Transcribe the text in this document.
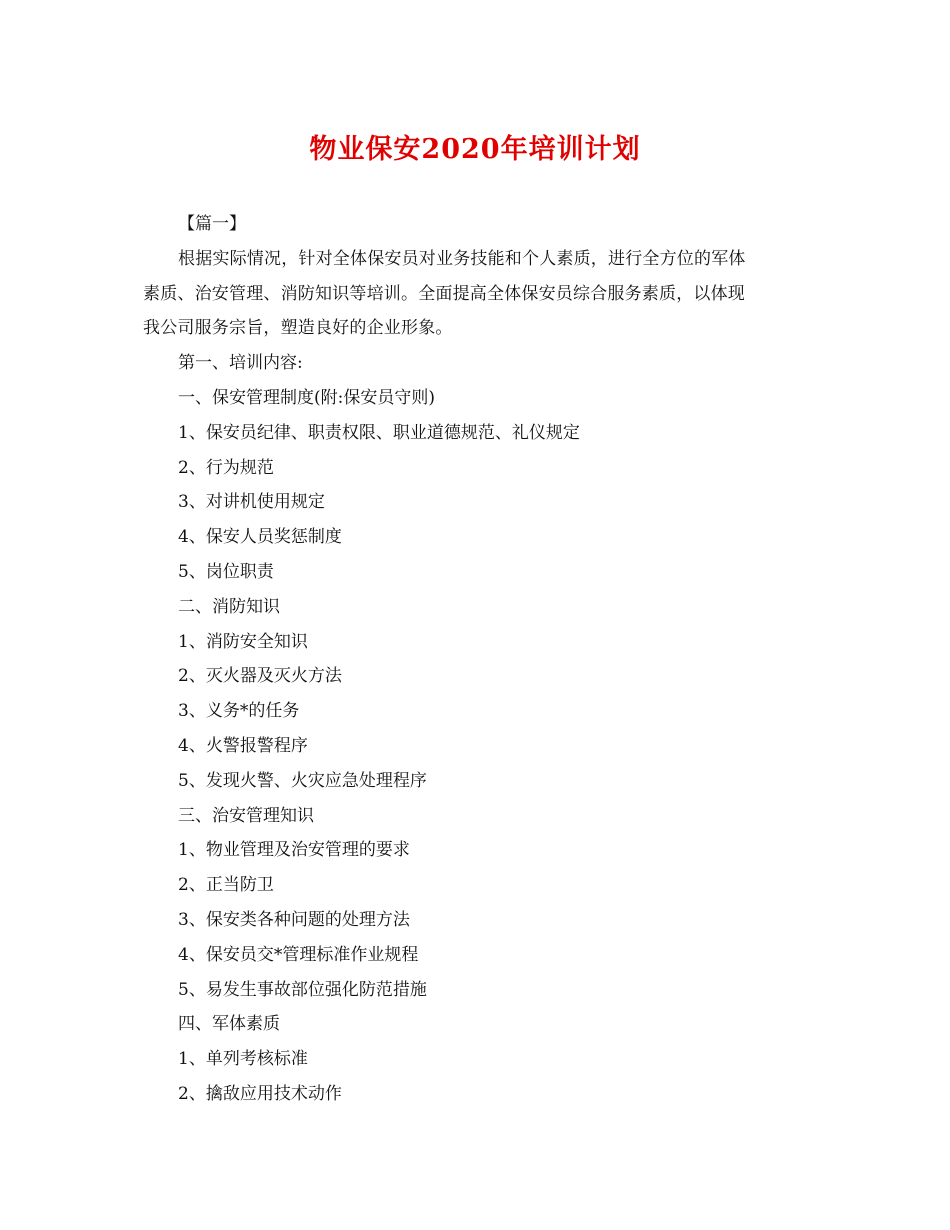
物业保安2020年培训计划
【篇一】
根据实际情况，针对全体保安员对业务技能和个人素质，进行全方位的军体
素质、治安管理、消防知识等培训。全面提高全体保安员综合服务素质，以体现
我公司服务宗旨，塑造良好的企业形象。
第一、培训内容:
一、保安管理制度(附:保安员守则)
1、保安员纪律、职责权限、职业道德规范、礼仪规定
2、行为规范
3、对讲机使用规定
4、保安人员奖惩制度
5、岗位职责
二、消防知识
1、消防安全知识
2、灭火器及灭火方法
3、义务*的任务
4、火警报警程序
5、发现火警、火灾应急处理程序
三、治安管理知识
1、物业管理及治安管理的要求
2、正当防卫
3、保安类各种问题的处理方法
4、保安员交*管理标准作业规程
5、易发生事故部位强化防范措施
四、军体素质
1、单列考核标准
2、擒敌应用技术动作
